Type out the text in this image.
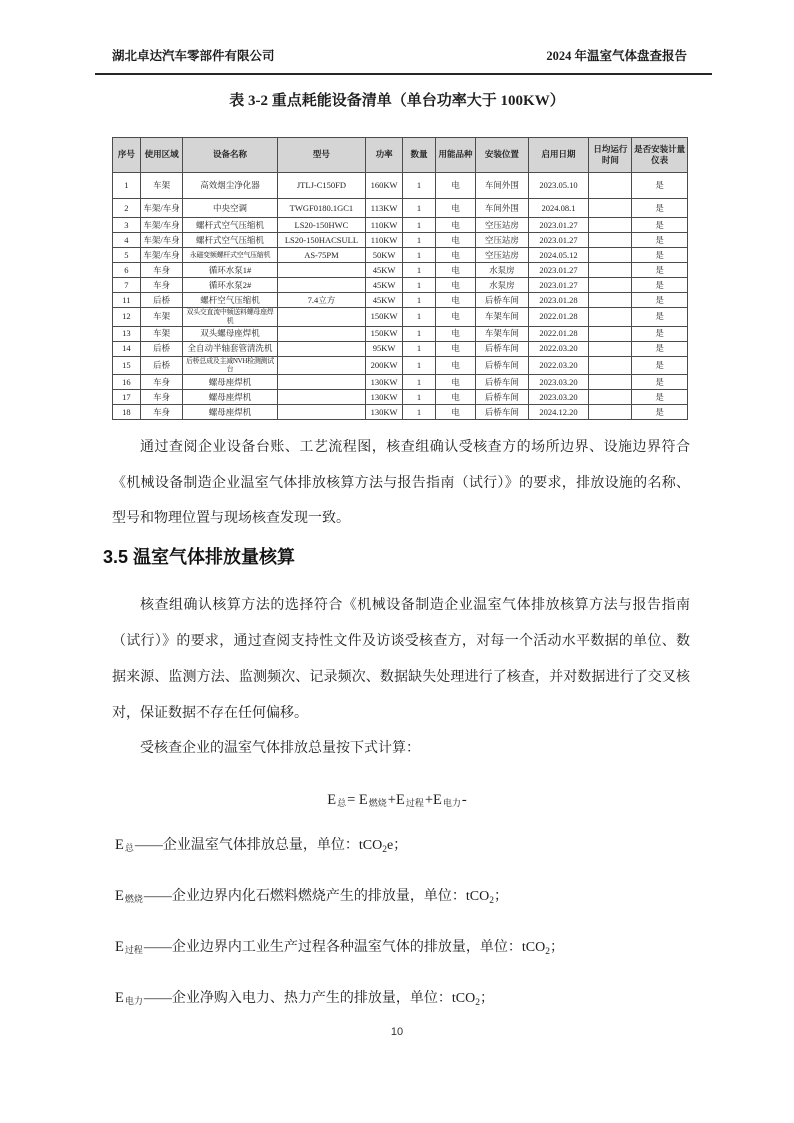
湖北卓达汽车零部件有限公司	2024 年温室气体盘查报告
表 3-2 重点耗能设备清单（单台功率大于 100KW）
序号	使用区域	设备名称	型号	功率	数量	用能品种	安装位置	启用日期	日均运行时间	是否安装计量仪表
1	车架	高效烟尘净化器	JTLJ-C150FD	160KW	1	电	车间外围	2023.05.10		是
2	车架/车身	中央空调	TWGF0180.1GC1	113KW	1	电	车间外围	2024.08.1		是
3	车架/车身	螺杆式空气压缩机	LS20-150HWC	110KW	1	电	空压站房	2023.01.27		是
4	车架/车身	螺杆式空气压缩机	LS20-150HACSULL	110KW	1	电	空压站房	2023.01.27		是
5	车架/车身	永磁变频螺杆式空气压缩机	AS-75PM	50KW	1	电	空压站房	2024.05.12		是
6	车身	循环水泵1#		45KW	1	电	水泵房	2023.01.27		是
7	车身	循环水泵2#		45KW	1	电	水泵房	2023.01.27		是
11	后桥	螺杆空气压缩机	7.4立方	45KW	1	电	后桥车间	2023.01.28		是
12	车架	双头交直流中频送料螺母座焊机		150KW	1	电	车架车间	2022.01.28		是
13	车架	双头螺母座焊机		150KW	1	电	车架车间	2022.01.28		是
14	后桥	全自动半轴套管清洗机		95KW	1	电	后桥车间	2022.03.20		是
15	后桥	后桥总成及主减NVH检测测试台		200KW	1	电	后桥车间	2022.03.20		是
16	车身	螺母座焊机		130KW	1	电	后桥车间	2023.03.20		是
17	车身	螺母座焊机		130KW	1	电	后桥车间	2023.03.20		是
18	车身	螺母座焊机		130KW	1	电	后桥车间	2024.12.20		是

通过查阅企业设备台账、工艺流程图，核查组确认受核查方的场所边界、设施边界符合《机械设备制造企业温室气体排放核算方法与报告指南（试行）》的要求，排放设施的名称、型号和物理位置与现场核查发现一致。

3.5 温室气体排放量核算

核查组确认核算方法的选择符合《机械设备制造企业温室气体排放核算方法与报告指南（试行）》的要求，通过查阅支持性文件及访谈受核查方，对每一个活动水平数据的单位、数据来源、监测方法、监测频次、记录频次、数据缺失处理进行了核查，并对数据进行了交叉核对，保证数据不存在任何偏移。

受核查企业的温室气体排放总量按下式计算：

E总= E燃烧+E过程+E电力-
E总——企业温室气体排放总量，单位：tCO$_2$e；
E燃烧——企业边界内化石燃料燃烧产生的排放量，单位：tCO$_2$；
E过程——企业边界内工业生产过程各种温室气体的排放量，单位：tCO$_2$；
E电力——企业净购入电力、热力产生的排放量，单位：tCO$_2$；
10
